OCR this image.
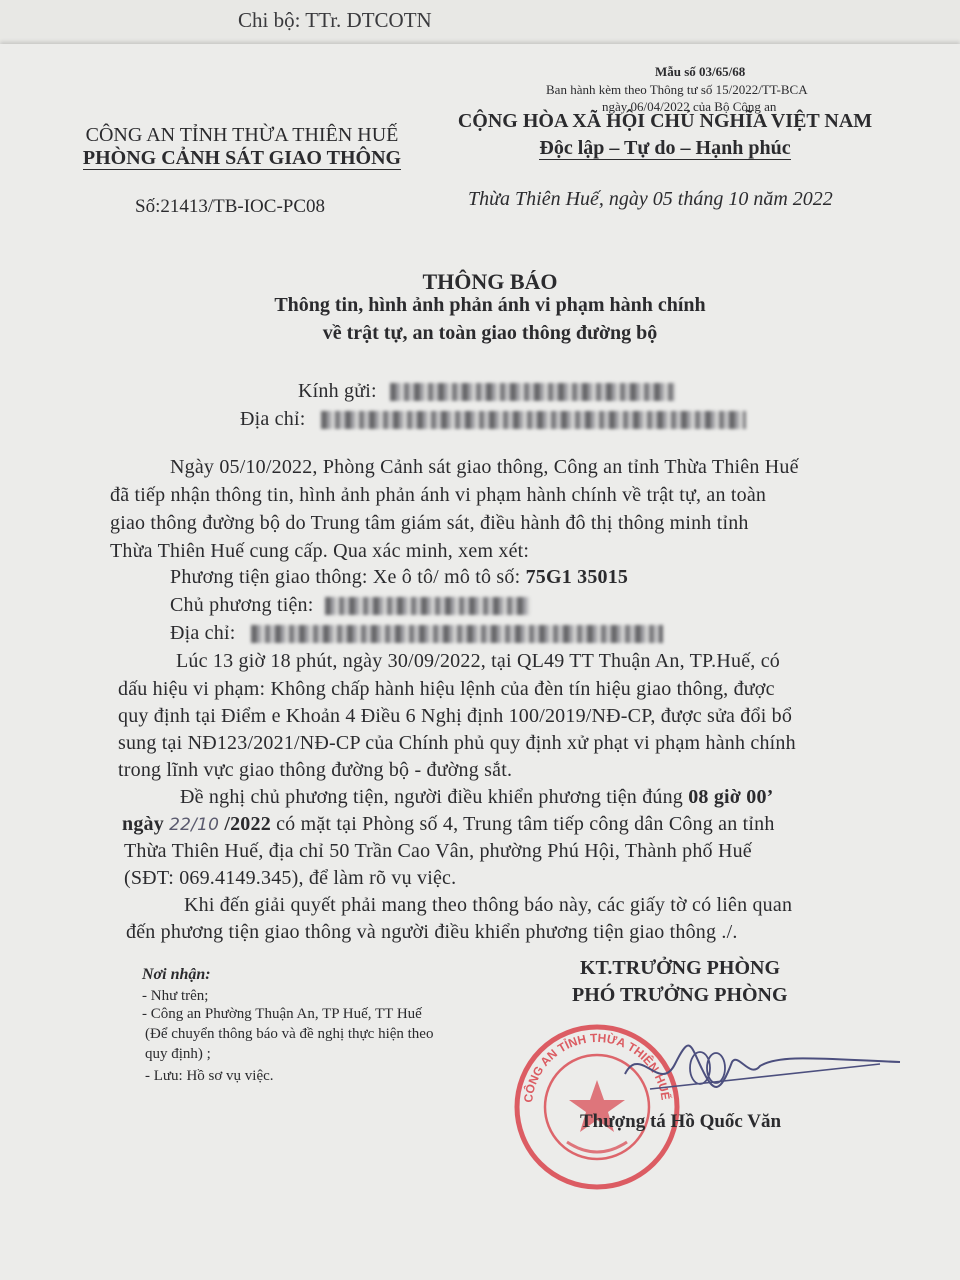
Chi bộ: TTr. DTCOTN
Mẫu số 03/65/68
Ban hành kèm theo Thông tư số 15/2022/TT-BCA
ngày 06/04/2022 của Bộ Công an
CÔNG AN TỈNH THỪA THIÊN HUẾ
PHÒNG CẢNH SÁT GIAO THÔNG
Số:21413/TB-IOC-PC08
CỘNG HÒA XÃ HỘI CHỦ NGHĨA VIỆT NAM
Độc lập – Tự do – Hạnh phúc
Thừa Thiên Huế, ngày 05 tháng 10 năm 2022
THÔNG BÁO
Thông tin, hình ảnh phản ánh vi phạm hành chính
về trật tự, an toàn giao thông đường bộ
Kính gửi:
Địa chỉ:
Ngày 05/10/2022, Phòng Cảnh sát giao thông, Công an tỉnh Thừa Thiên Huế
đã tiếp nhận thông tin, hình ảnh phản ánh vi phạm hành chính về trật tự, an toàn
giao thông đường bộ do Trung tâm giám sát, điều hành đô thị thông minh tỉnh
Thừa Thiên Huế cung cấp. Qua xác minh, xem xét:
Phương tiện giao thông: Xe ô tô/ mô tô số: 75G1 35015
Chủ phương tiện:
Địa chỉ:
Lúc 13 giờ 18 phút, ngày 30/09/2022, tại QL49 TT Thuận An, TP.Huế, có
dấu hiệu vi phạm: Không chấp hành hiệu lệnh của đèn tín hiệu giao thông, được
quy định tại Điểm e Khoản 4 Điều 6 Nghị định 100/2019/NĐ-CP, được sửa đổi bổ
sung tại NĐ123/2021/NĐ-CP của Chính phủ quy định xử phạt vi phạm hành chính
trong lĩnh vực giao thông đường bộ - đường sắt.
Đề nghị chủ phương tiện, người điều khiển phương tiện đúng 08 giờ 00’
ngày 22/10 /2022 có mặt tại Phòng số 4, Trung tâm tiếp công dân Công an tỉnh
Thừa Thiên Huế, địa chỉ 50 Trần Cao Vân, phường Phú Hội, Thành phố Huế
(SĐT: 069.4149.345), để làm rõ vụ việc.
Khi đến giải quyết phải mang theo thông báo này, các giấy tờ có liên quan
đến phương tiện giao thông và người điều khiển phương tiện giao thông ./.
Nơi nhận:
- Như trên;
- Công an Phường Thuận An, TP Huế, TT Huế
(Để chuyển thông báo và đề nghị thực hiện theo
quy định) ;
- Lưu: Hồ sơ vụ việc.
KT.TRƯỞNG PHÒNG
PHÓ TRƯỞNG PHÒNG
CÔNG AN TỈNH THỪA THIÊN HUẾ
Thượng tá Hồ Quốc Văn
